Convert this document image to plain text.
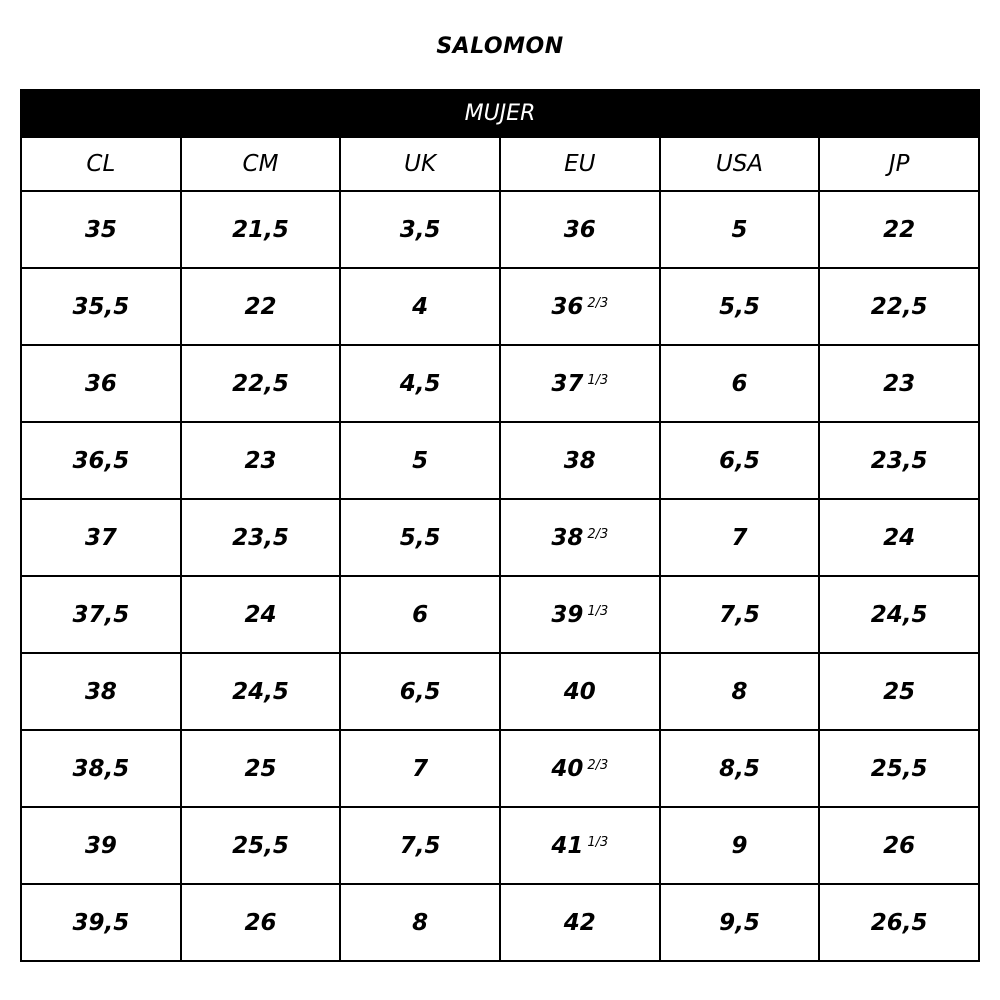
SALOMON
MUJER					
CL	CM	UK	EU	USA	JP
35	21,5	3,5	36	5	22
35,5	22	4	36 $^{2/3}$	5,5	22,5
36	22,5	4,5	37 $^{1/3}$	6	23
36,5	23	5	38	6,5	23,5
37	23,5	5,5	38 $^{2/3}$	7	24
37,5	24	6	39 $^{1/3}$	7,5	24,5
38	24,5	6,5	40	8	25
38,5	25	7	40 $^{2/3}$	8,5	25,5
39	25,5	7,5	41 $^{1/3}$	9	26
39,5	26	8	42	9,5	26,5
